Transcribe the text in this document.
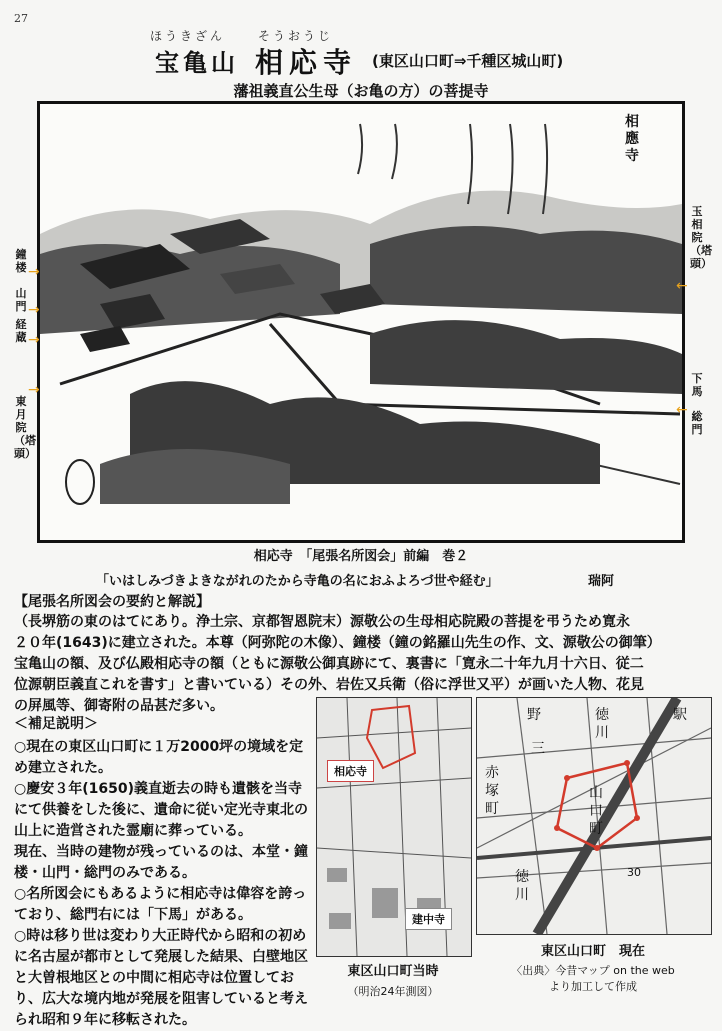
27
ほうきざん	そうおうじ
宝亀山 相応寺 (東区山口町⇒千種区城山町)
藩祖義直公生母（お亀の方）の菩提寺
相應寺
鐘楼 →
山門 →
経蔵 →
→
東月院（塔頭）
玉相院（塔頭）
←
下馬
← 総門
相応寺　「尾張名所図会」前編　巻２
「いはしみづきよきながれのたから寺亀の名におふよろづ世や経む」	瑞阿
【尾張名所図会の要約と解説】
（長堺筋の東のはてにあり。浄土宗、京都智恩院末）源敬公の生母相応院殿の菩提を弔うため寛永
２０年(1643)に建立された。本尊（阿弥陀の木像）、鐘楼（鐘の銘羅山先生の作、文、源敬公の御筆）
宝亀山の額、及び仏殿相応寺の額（ともに源敬公御真跡にて、裏書に「寛永二十年九月十六日、従二
位源朝臣義直これを書す」と書いている）その外、岩佐又兵衛（俗に浮世又平）が画いた人物、花見
の屏風等、御寄附の品甚だ多い。
＜補足説明＞
○現在の東区山口町に１万2000坪の境域を定め建立された。
○慶安３年(1650)義直逝去の時も遺骸を当寺にて供養をした後に、遺命に従い定光寺東北の山上に造営された霊廟に葬っている。
現在、当時の建物が残っているのは、本堂・鐘楼・山門・総門のみである。
○名所図会にもあるように相応寺は偉容を誇っており、総門右には「下馬」がある。
○時は移り世は変わり大正時代から昭和の初めに名古屋が都市として発展した結果、白壁地区と大曽根地区との中間に相応寺は位置しており、広大な境内地が発展を阻害していると考えられ昭和９年に移転された。
相応寺
建中寺
東区山口町当時
（明治24年測図）
野	徳
川
駅
三
赤
塚
町
山
口
町
徳
川
30
東区山口町　現在
〈出典〉今昔マップ on the web
より加工して作成
